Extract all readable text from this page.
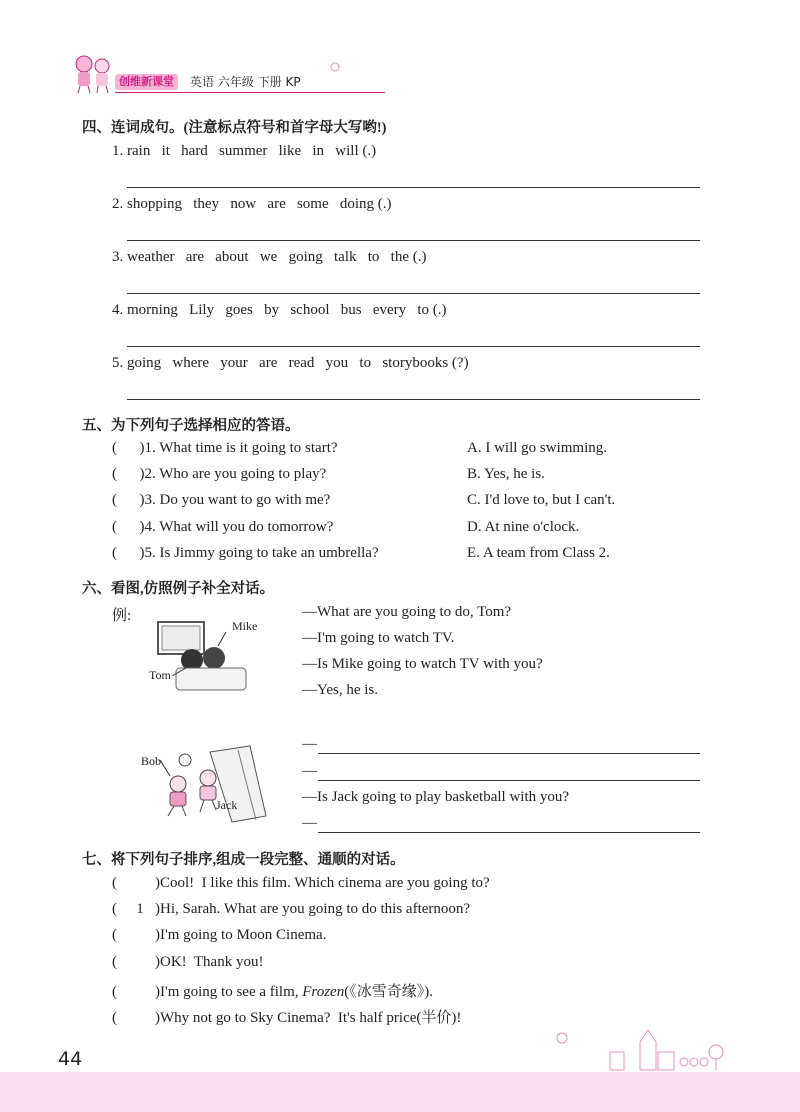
创维新课堂	英语 六年级 下册 KP
四、连词成句。(注意标点符号和首字母大写哟!)
1. rain   it   hard   summer   like   in   will (.)
2. shopping   they   now   are   some   doing (.)
3. weather   are   about   we   going   talk   to   the (.)
4. morning   Lily   goes   by   school   bus   every   to (.)
5. going   where   your   are   read   you   to   storybooks (?)
五、为下列句子选择相应的答语。
(      )1. What time is it going to start?	A. I will go swimming.
(      )2. Who are you going to play?	B. Yes, he is.
(      )3. Do you want to go with me?	C. I'd love to, but I can't.
(      )4. What will you do tomorrow?	D. At nine o'clock.
(      )5. Is Jimmy going to take an umbrella?	E. A team from Class 2.
六、看图,仿照例子补全对话。
例:
Mike
Tom
—What are you going to do, Tom?
—I'm going to watch TV.
—Is Mike going to watch TV with you?
—Yes, he is.
Bob
Jack
—
—
—Is Jack going to play basketball with you?
—
七、将下列句子排序,组成一段完整、通顺的对话。
(	)Cool!  I like this film. Which cinema are you going to?
( 1 )Hi, Sarah. What are you going to do this afternoon?
(	)I'm going to Moon Cinema.
(	)OK!  Thank you!
(	)I'm going to see a film, Frozen(《冰雪奇缘》).
(	)Why not go to Sky Cinema?  It's half price(半价)!
44
